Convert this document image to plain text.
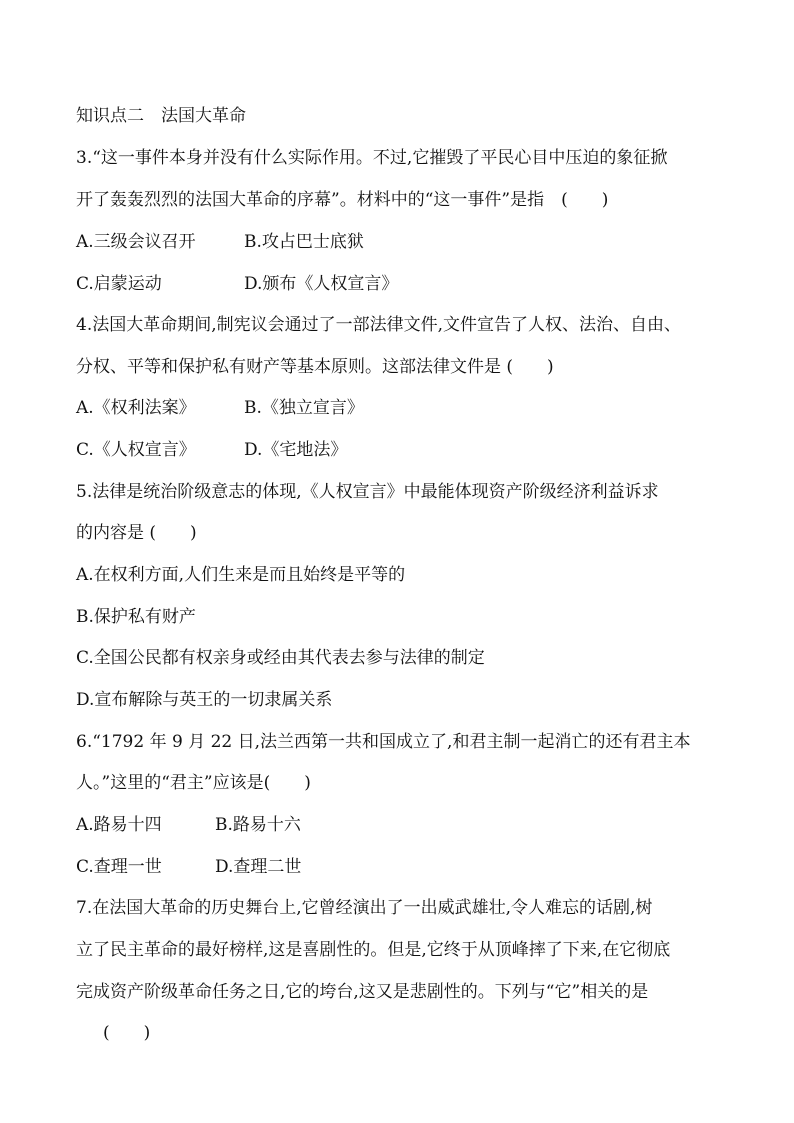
知识点二　法国大革命
3.“这一事件本身并没有什么实际作用。不过,它摧毁了平民心目中压迫的象征掀
开了轰轰烈烈的法国大革命的序幕”。材料中的“这一事件”是指　(　　)
A.三级会议召开	B.攻占巴士底狱
C.启蒙运动	D.颁布《人权宣言》
4.法国大革命期间,制宪议会通过了一部法律文件,文件宣告了人权、法治、自由、
分权、平等和保护私有财产等基本原则。这部法律文件是 (　　)
A.《权利法案》	B.《独立宣言》
C.《人权宣言》	D.《宅地法》
5.法律是统治阶级意志的体现,《人权宣言》中最能体现资产阶级经济利益诉求
的内容是 (　　)
A.在权利方面,人们生来是而且始终是平等的
B.保护私有财产
C.全国公民都有权亲身或经由其代表去参与法律的制定
D.宣布解除与英王的一切隶属关系
6.“1792 年 9 月 22 日,法兰西第一共和国成立了,和君主制一起消亡的还有君主本
人。”这里的“君主”应该是(　　)
A.路易十四	B.路易十六
C.查理一世	D.查理二世
7.在法国大革命的历史舞台上,它曾经演出了一出威武雄壮,令人难忘的话剧,树
立了民主革命的最好榜样,这是喜剧性的。但是,它终于从顶峰摔了下来,在它彻底
完成资产阶级革命任务之日,它的垮台,这又是悲剧性的。下列与“它”相关的是
(　　)
